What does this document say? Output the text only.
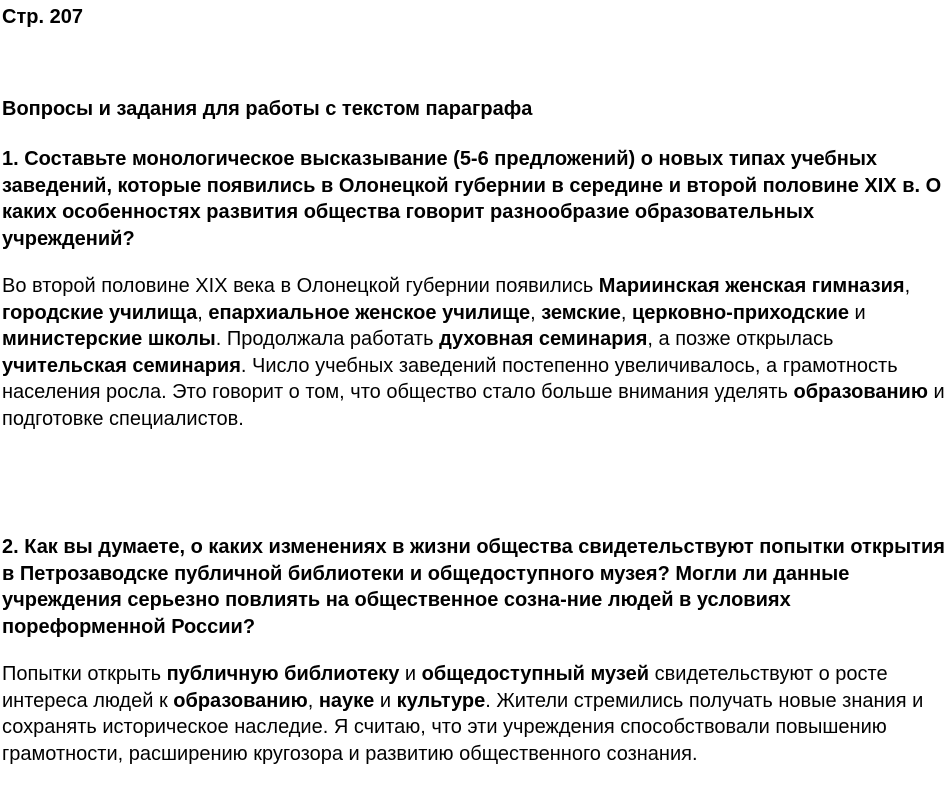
Стр. 207

Вопросы и задания для работы с текстом параграфа

1. Составьте монологическое высказывание (5-6 предложений) о новых типах учебных заведений, которые появились в Олонецкой губернии в середине и второй половине XIX в. О каких особенностях развития общества говорит разнообразие образовательных учреждений?

Во второй половине XIX века в Олонецкой губернии появились Мариинская женская гимназия, городские училища, епархиальное женское училище, земские, церковно-приходские и министерские школы. Продолжала работать духовная семинария, а позже открылась учительская семинария. Число учебных заведений постепенно увеличивалось, а грамотность населения росла. Это говорит о том, что общество стало больше внимания уделять образованию и подготовке специалистов.

2. Как вы думаете, о каких изменениях в жизни общества свидетельствуют попытки открытия в Петрозаводске публичной библиотеки и общедоступного музея? Могли ли данные учреждения серьезно повлиять на общественное созна-ние людей в условиях пореформенной России?

Попытки открыть публичную библиотеку и общедоступный музей свидетельствуют о росте интереса людей к образованию, науке и культуре. Жители стремились получать новые знания и сохранять историческое наследие. Я считаю, что эти учреждения способствовали повышению грамотности, расширению кругозора и развитию общественного сознания.
